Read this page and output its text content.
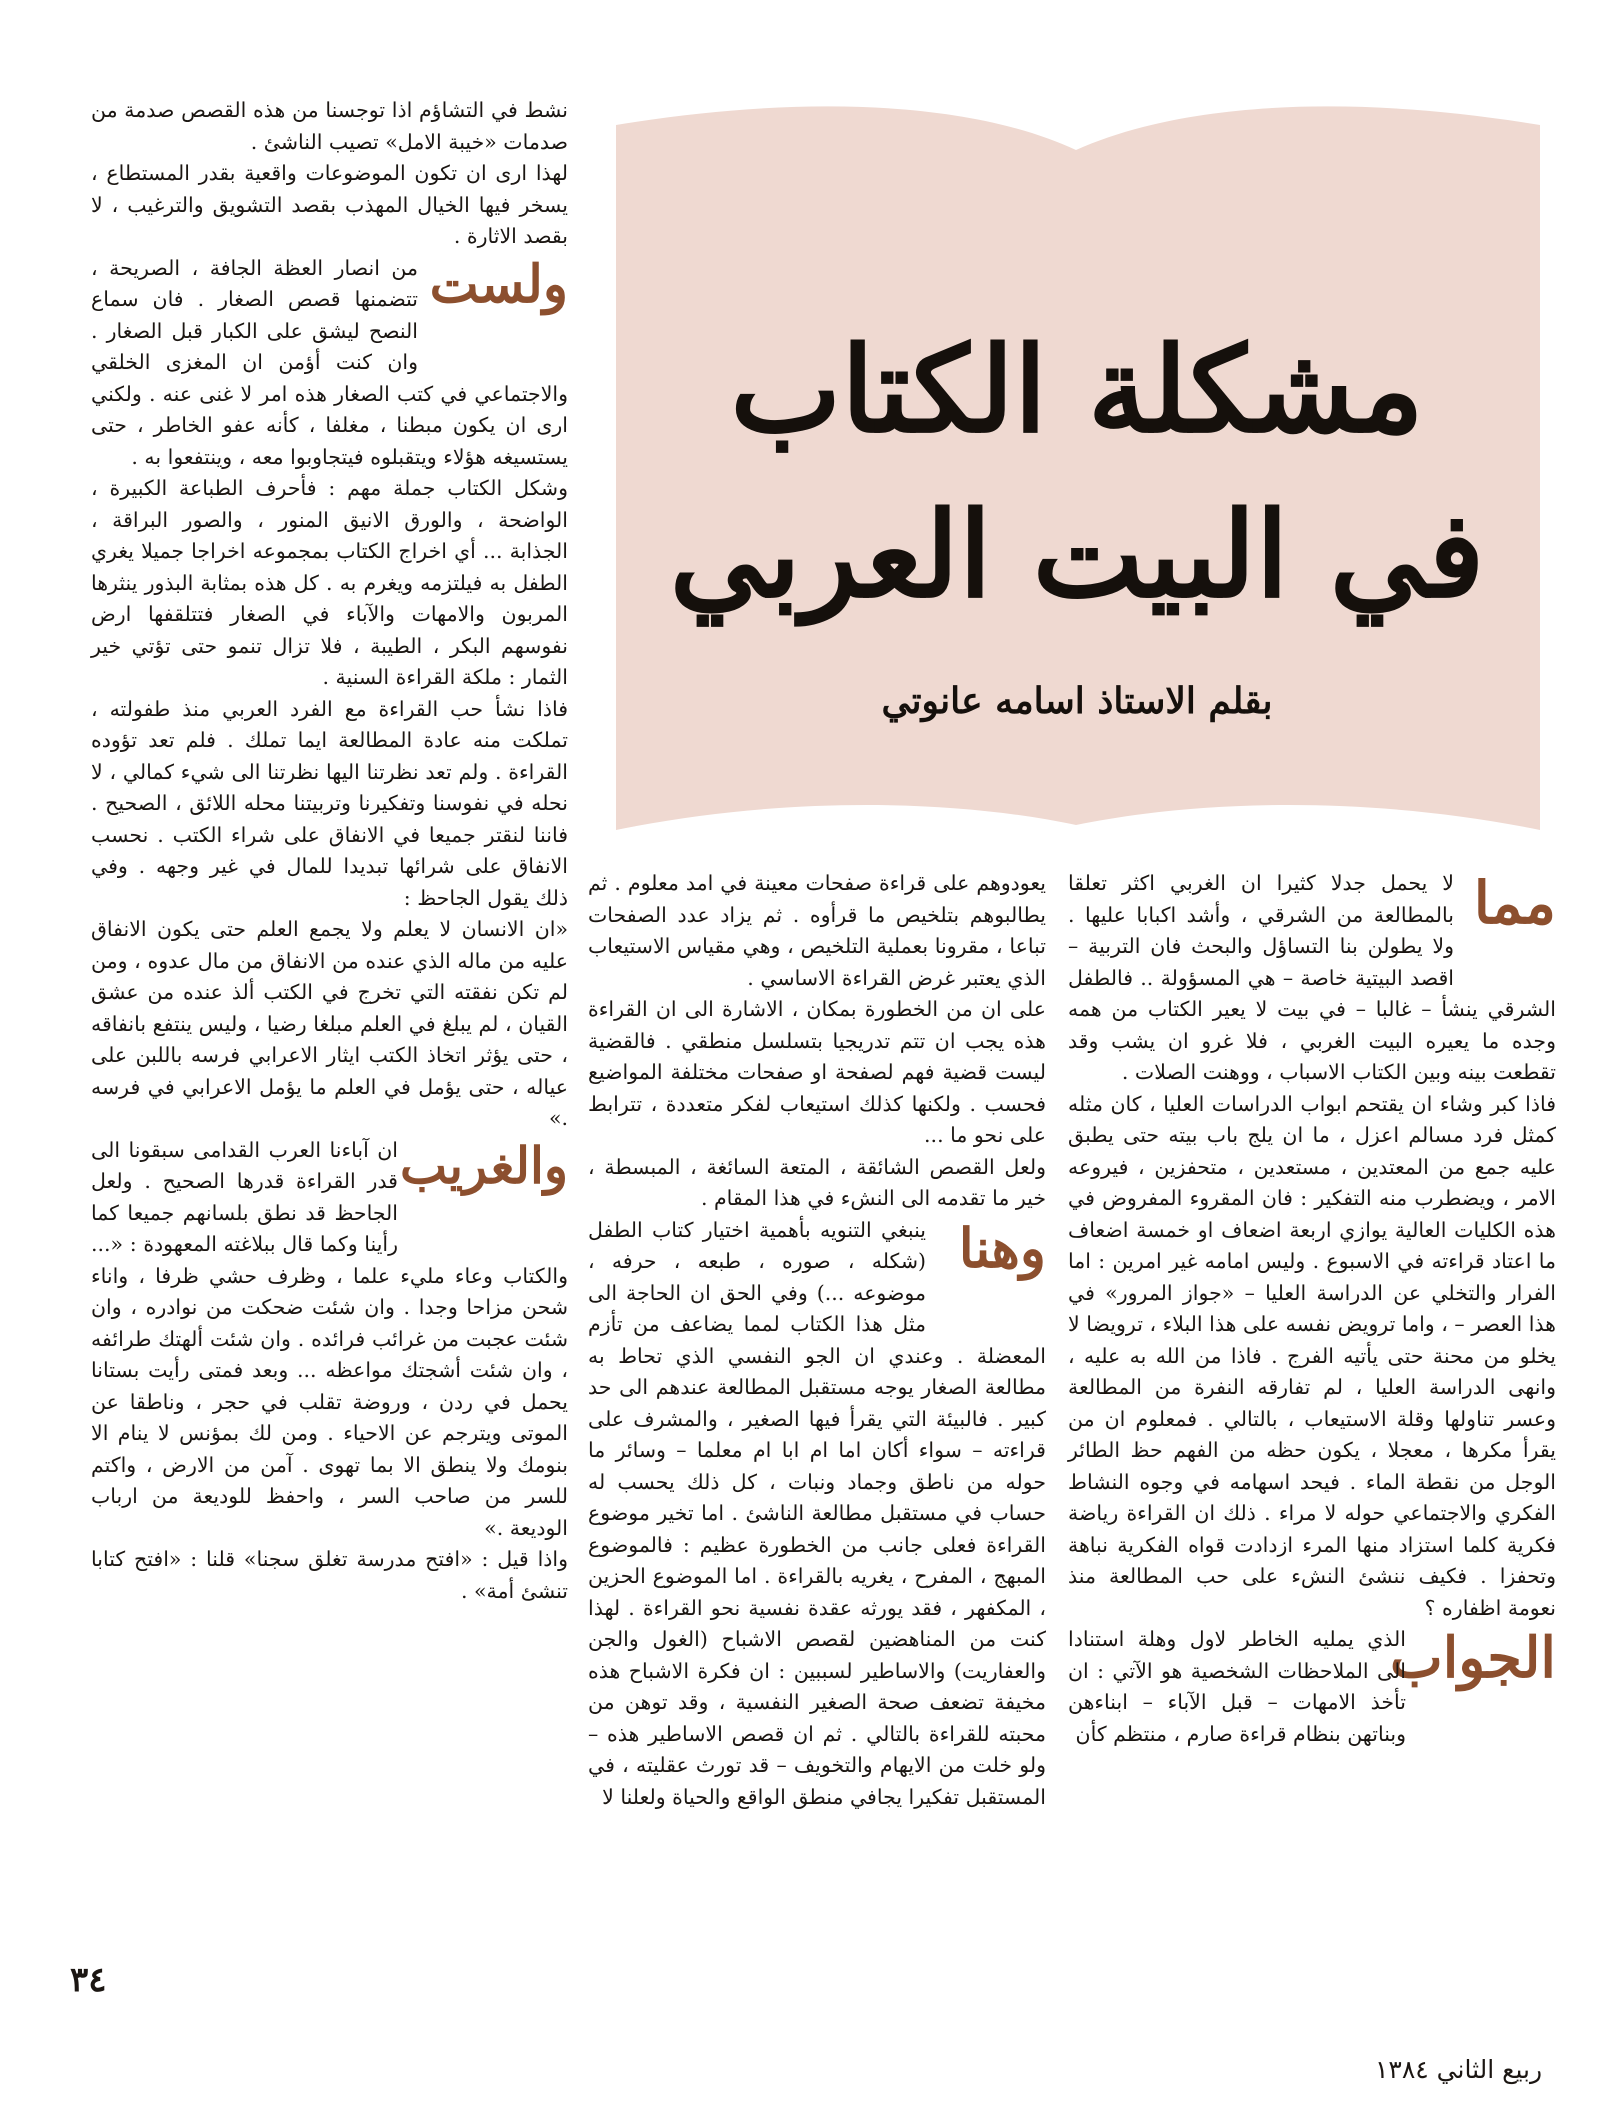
مشكلة الكتاب
في البيت العربي
بقلم الاستاذ اسامه عانوتي

مما
لا يحمل جدلا كثيرا ان الغربي اكثر تعلقا بالمطالعة من الشرقي ، وأشد اكبابا عليها . ولا يطولن بنا التساؤل والبحث فان التربية – اقصد البيتية خاصة – هي المسؤولة .. فالطفل الشرقي ينشأ – غالبا – في بيت لا يعير الكتاب من همه وجده ما يعيره البيت الغربي ، فلا غرو ان يشب وقد تقطعت بينه وبين الكتاب الاسباب ، ووهنت الصلات .

فاذا كبر وشاء ان يقتحم ابواب الدراسات العليا ، كان مثله كمثل فرد مسالم اعزل ، ما ان يلج باب بيته حتى يطبق عليه جمع من المعتدين ، مستعدين ، متحفزين ، فيروعه الامر ، ويضطرب منه التفكير : فان المقروء المفروض في هذه الكليات العالية يوازي اربعة اضعاف او خمسة اضعاف ما اعتاد قراءته في الاسبوع . وليس امامه غير امرين : اما الفرار والتخلي عن الدراسة العليا – «جواز المرور» في هذا العصر – ، واما ترويض نفسه على هذا البلاء ، ترويضا لا يخلو من محنة حتى يأتيه الفرج . فاذا من الله به عليه ، وانهى الدراسة العليا ، لم تفارقه النفرة من المطالعة وعسر تناولها وقلة الاستيعاب ، بالتالي . فمعلوم ان من يقرأ مكرها ، معجلا ، يكون حظه من الفهم حظ الطائر الوجل من نقطة الماء . فيحد اسهامه في وجوه النشاط الفكري والاجتماعي حوله لا مراء . ذلك ان القراءة رياضة فكرية كلما استزاد منها المرء ازدادت قواه الفكرية نباهة وتحفزا . فكيف ننشئ النشء على حب المطالعة منذ نعومة اظفاره ؟

الجواب
الذي يمليه الخاطر لاول وهلة استنادا الى الملاحظات الشخصية هو الآتي : ان تأخذ الامهات – قبل الآباء – ابناءهن وبناتهن بنظام قراءة صارم ، منتظم كأن

يعودوهم على قراءة صفحات معينة في امد معلوم . ثم يطالبوهم بتلخيص ما قرأوه . ثم يزاد عدد الصفحات تباعا ، مقرونا بعملية التلخيص ، وهي مقياس الاستيعاب الذي يعتبر غرض القراءة الاساسي .

على ان من الخطورة بمكان ، الاشارة الى ان القراءة هذه يجب ان تتم تدريجيا بتسلسل منطقي . فالقضية ليست قضية فهم لصفحة او صفحات مختلفة المواضيع فحسب . ولكنها كذلك استيعاب لفكر متعددة ، تترابط على نحو ما ...

ولعل القصص الشائقة ، المتعة السائغة ، المبسطة ، خير ما تقدمه الى النشء في هذا المقام .

وهنا
ينبغي التنويه بأهمية اختيار كتاب الطفل (شكله ، صوره ، طبعه ، حرفه ، موضوعه ...) وفي الحق ان الحاجة الى مثل هذا الكتاب لمما يضاعف من تأزم المعضلة . وعندي ان الجو النفسي الذي تحاط به مطالعة الصغار يوجه مستقبل المطالعة عندهم الى حد كبير . فالبيئة التي يقرأ فيها الصغير ، والمشرف على قراءته – سواء أكان اما ام ابا ام معلما – وسائر ما حوله من ناطق وجماد ونبات ، كل ذلك يحسب له حساب في مستقبل مطالعة الناشئ . اما تخير موضوع القراءة فعلى جانب من الخطورة عظيم : فالموضوع المبهج ، المفرح ، يغريه بالقراءة . اما الموضوع الحزين ، المكفهر ، فقد يورثه عقدة نفسية نحو القراءة . لهذا كنت من المناهضين لقصص الاشباح (الغول والجن والعفاريت) والاساطير لسببين : ان فكرة الاشباح هذه مخيفة تضعف صحة الصغير النفسية ، وقد توهن من محبته للقراءة بالتالي . ثم ان قصص الاساطير هذه – ولو خلت من الايهام والتخويف – قد تورث عقليته ، في المستقبل تفكيرا يجافي منطق الواقع والحياة ولعلنا لا

نشط في التشاؤم اذا توجسنا من هذه القصص صدمة من صدمات «خيبة الامل» تصيب الناشئ .

لهذا ارى ان تكون الموضوعات واقعية بقدر المستطاع ، يسخر فيها الخيال المهذب بقصد التشويق والترغيب ، لا بقصد الاثارة .

ولست
من انصار العظة الجافة ، الصريحة ، تتضمنها قصص الصغار . فان سماع النصح ليشق على الكبار قبل الصغار . وان كنت أؤمن ان المغزى الخلقي والاجتماعي في كتب الصغار هذه امر لا غنى عنه . ولكني ارى ان يكون مبطنا ، مغلفا ، كأنه عفو الخاطر ، حتى يستسيغه هؤلاء ويتقبلوه فيتجاوبوا معه ، وينتفعوا به .

وشكل الكتاب جملة مهم : فأحرف الطباعة الكبيرة ، الواضحة ، والورق الانيق المنور ، والصور البراقة ، الجذابة ... أي اخراج الكتاب بمجموعه اخراجا جميلا يغري الطفل به فيلتزمه ويغرم به . كل هذه بمثابة البذور ينثرها المربون والامهات والآباء في الصغار فتتلقفها ارض نفوسهم البكر ، الطيبة ، فلا تزال تنمو حتى تؤتي خير الثمار : ملكة القراءة السنية .

فاذا نشأ حب القراءة مع الفرد العربي منذ طفولته ، تملكت منه عادة المطالعة ايما تملك . فلم تعد تؤوده القراءة . ولم تعد نظرتنا اليها نظرتنا الى شيء كمالي ، لا نحله في نفوسنا وتفكيرنا وتربيتنا محله اللائق ، الصحيح . فاننا لنقتر جميعا في الانفاق على شراء الكتب . نحسب الانفاق على شرائها تبديدا للمال في غير وجهه . وفي ذلك يقول الجاحظ :

«ان الانسان لا يعلم ولا يجمع العلم حتى يكون الانفاق عليه من ماله الذي عنده من الانفاق من مال عدوه ، ومن لم تكن نفقته التي تخرج في الكتب ألذ عنده من عشق القيان ، لم يبلغ في العلم مبلغا رضيا ، وليس ينتفع بانفاقه ، حتى يؤثر اتخاذ الكتب ايثار الاعرابي فرسه باللبن على عياله ، حتى يؤمل في العلم ما يؤمل الاعرابي في فرسه .»

والغريب
ان آباءنا العرب القدامى سبقونا الى قدر القراءة قدرها الصحيح . ولعل الجاحظ قد نطق بلسانهم جميعا كما رأينا وكما قال ببلاغته المعهودة : «... والكتاب وعاء مليء علما ، وظرف حشي ظرفا ، واناء شحن مزاحا وجدا . وان شئت ضحكت من نوادره ، وان شئت عجبت من غرائب فرائده . وان شئت ألهتك طرائفه ، وان شئت أشجتك مواعظه ... وبعد فمتى رأيت بستانا يحمل في ردن ، وروضة تقلب في حجر ، وناطقا عن الموتى ويترجم عن الاحياء . ومن لك بمؤنس لا ينام الا بنومك ولا ينطق الا بما تهوى . آمن من الارض ، واكتم للسر من صاحب السر ، واحفظ للوديعة من ارباب الوديعة .»

واذا قيل : «افتح مدرسة تغلق سجنا» قلنا : «افتح كتابا تنشئ أمة» .

٣٤
ربيع الثاني ١٣٨٤
